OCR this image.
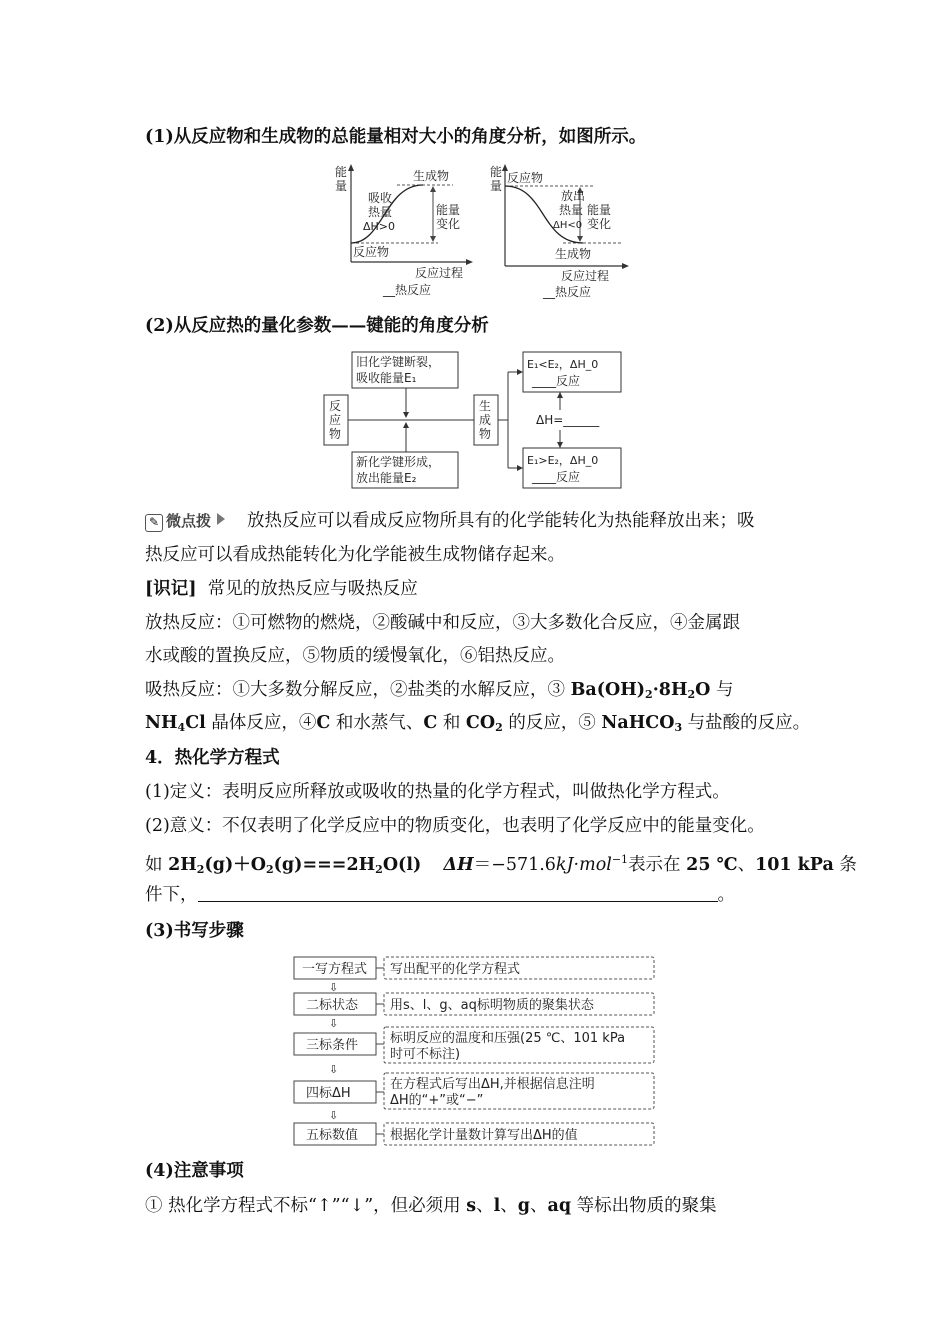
(1)从反应物和生成物的总能量相对大小的角度分析，如图所示。
能
量
生成物
吸收
热量
ΔH>0
能量
变化
反应物
反应过程
__热反应
能
量
反应物
放出
热量 能量
变化
ΔH<0
生成物
反应过程
__热反应
(2)从反应热的量化参数——键能的角度分析
反
应
物
生
成
物
旧化学键断裂，
吸收能量E₁
新化学键形成，
放出能量E₂
E₁<E₂，ΔH_0
____反应
E₁>E₂，ΔH_0
____反应
ΔH=______
✎ 微点拨 放热反应可以看成反应物所具有的化学能转化为热能释放出来；吸
热反应可以看成热能转化为化学能被生成物储存起来。
[识记] 常见的放热反应与吸热反应
放热反应：①可燃物的燃烧，②酸碱中和反应，③大多数化合反应，④金属跟
水或酸的置换反应，⑤物质的缓慢氧化，⑥铝热反应。
吸热反应：①大多数分解反应，②盐类的水解反应，③ $Ba(OH)_2\cdot 8H_2O$ 与
$NH_4Cl$ 晶体反应，④C 和水蒸气、C 和 $CO_2$ 的反应，⑤ NaHCO$_3$ 与盐酸的反应。
4．热化学方程式
(1)定义：表明反应所释放或吸收的热量的化学方程式，叫做热化学方程式。
(2)意义：不仅表明了化学反应中的物质变化，也表明了化学反应中的能量变化。
如 $2H_2(g)+O_2(g)===2H_2O(l)$ ΔH＝−571.6kJ·mol$^{-1}$表示在 25 ℃、101 kPa 条
件下，	。
(3)书写步骤
一写方程式 写出配平的化学方程式
⇩
二标状态 用s、l、g、aq标明物质的聚集状态
⇩
三标条件 标明反应的温度和压强(25 ℃、101 kPa
时可不标注)
⇩
四标ΔH
在方程式后写出ΔH,并根据信息注明
ΔH的“+”或“−”
⇩
五标数值 根据化学计量数计算写出ΔH的值
(4)注意事项
① 热化学方程式不标“↑”“↓”，但必须用 s、l、g、aq 等标出物质的聚集
